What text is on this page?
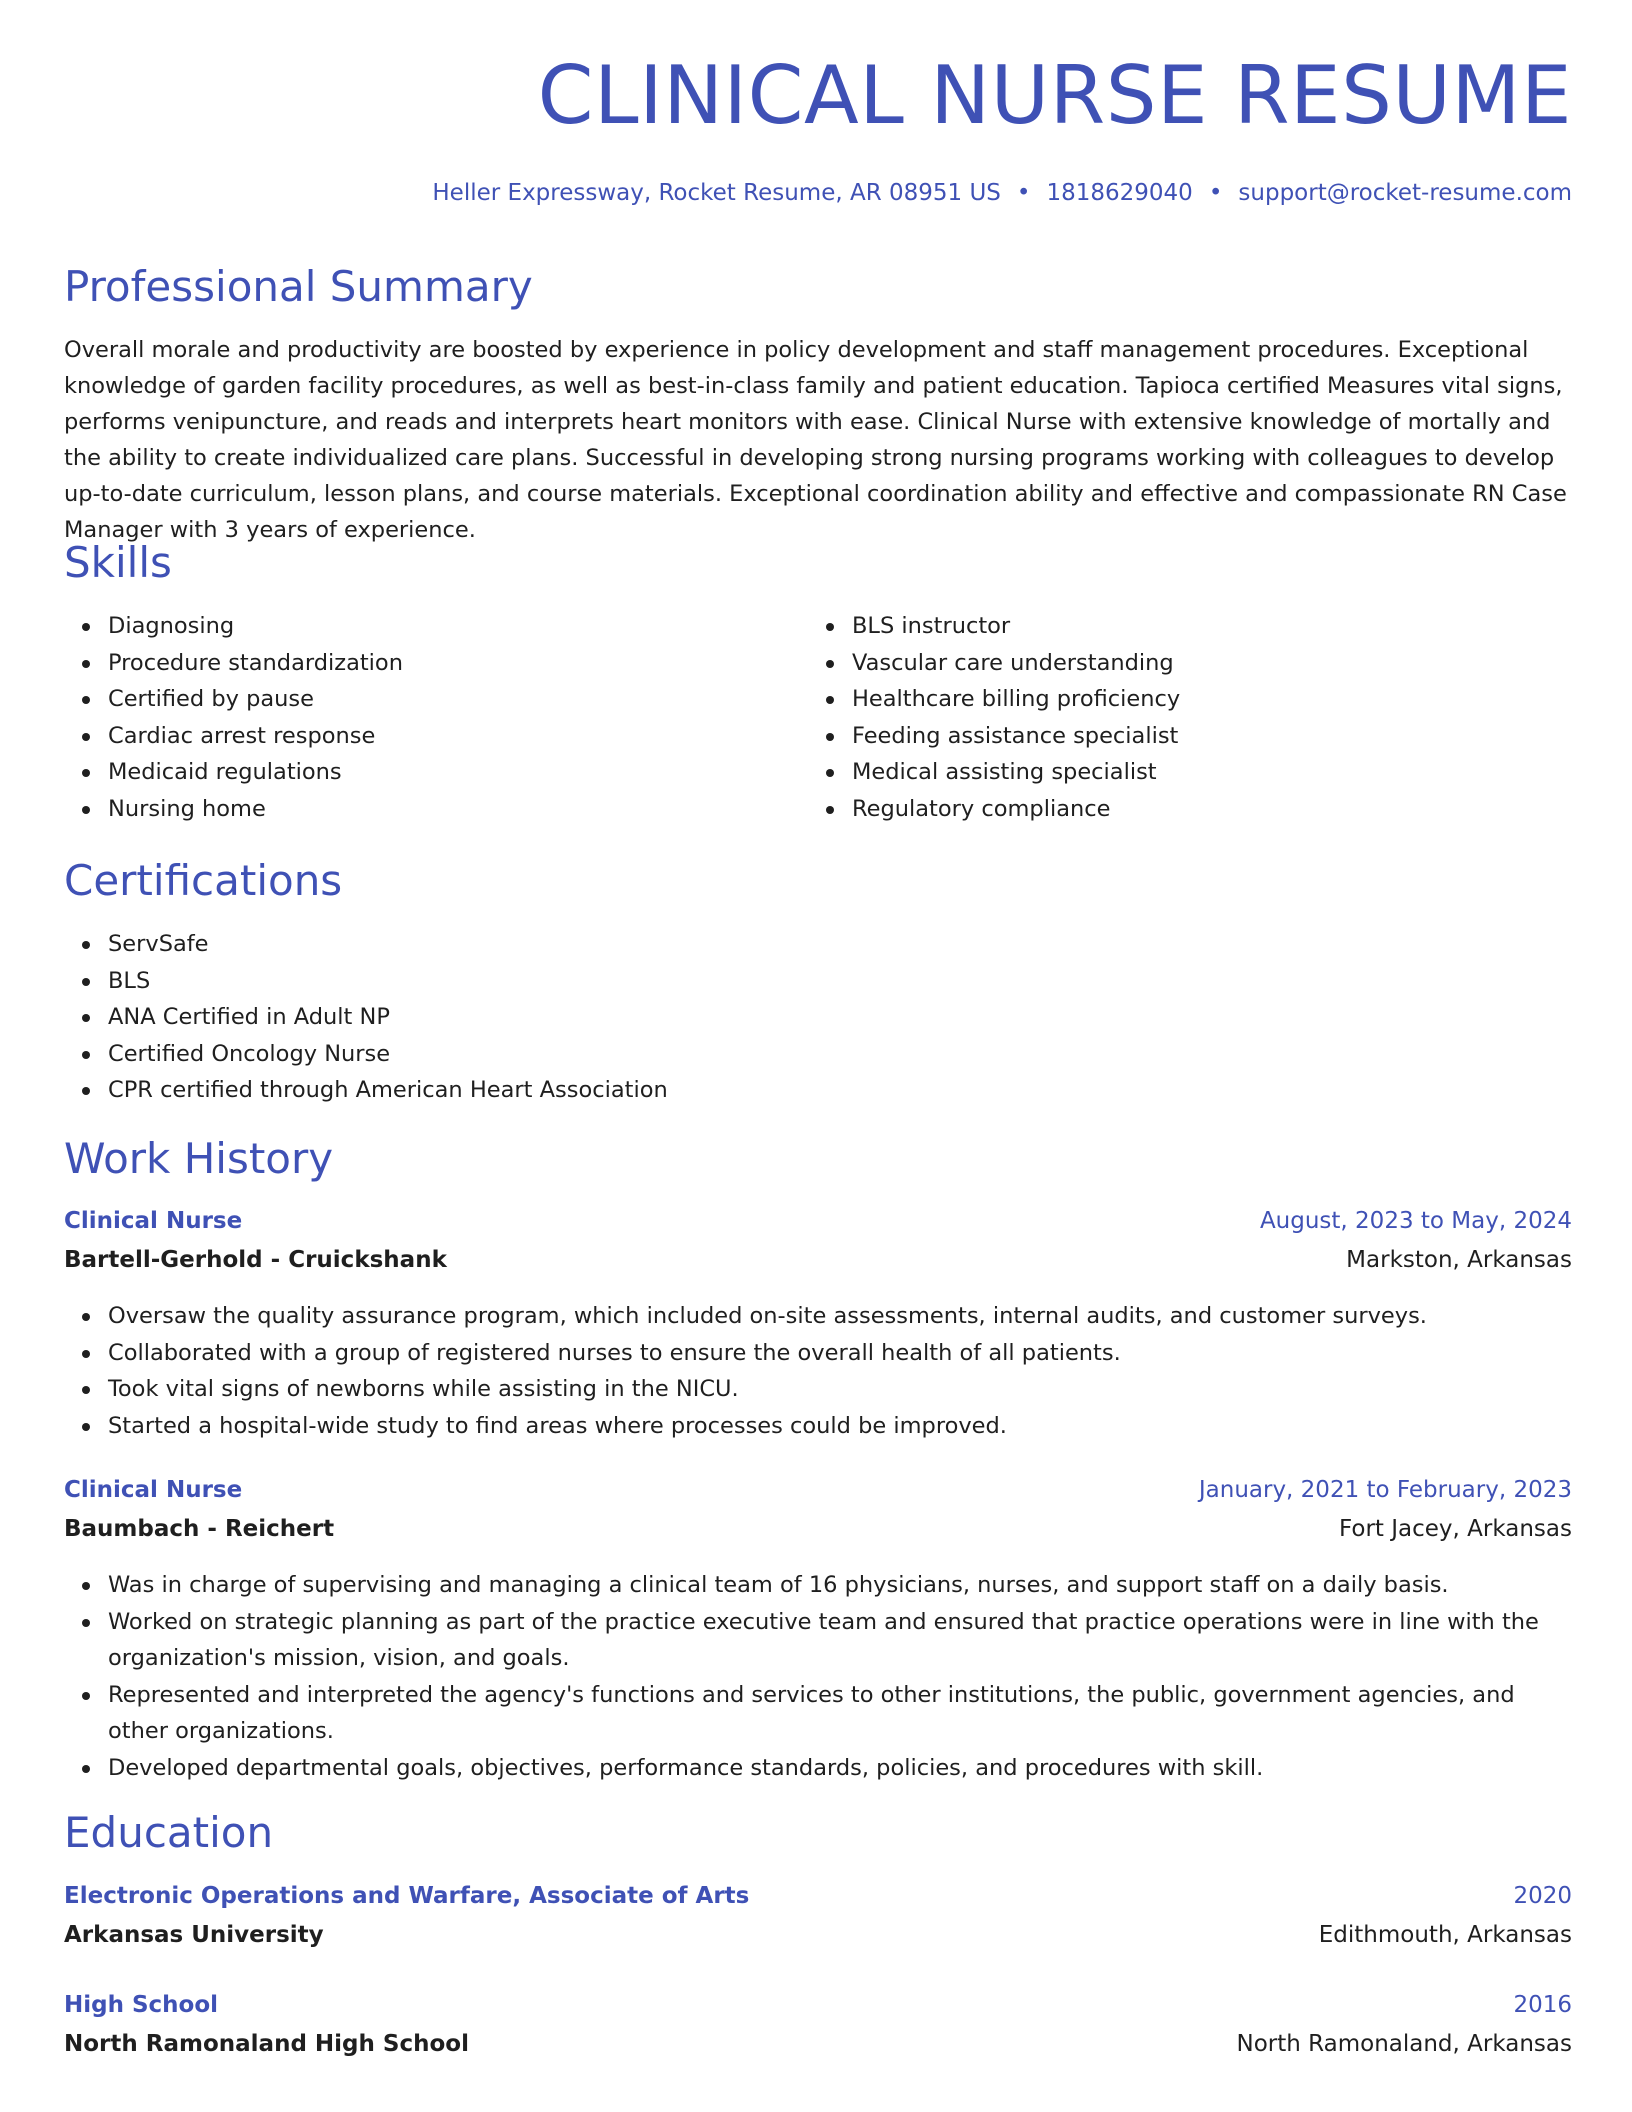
CLINICAL NURSE RESUME
Heller Expressway, Rocket Resume, AR 08951 US • 1818629040 • support@rocket-resume.com
Professional Summary

Overall morale and productivity are boosted by experience in policy development and staff management procedures. Exceptional knowledge of garden facility procedures, as well as best-in-class family and patient education. Tapioca certified Measures vital signs, performs venipuncture, and reads and interprets heart monitors with ease. Clinical Nurse with extensive knowledge of mortally and the ability to create individualized care plans. Successful in developing strong nursing programs working with colleagues to develop up-to-date curriculum, lesson plans, and course materials. Exceptional coordination ability and effective and compassionate RN Case Manager with 3 years of experience.

Skills
Diagnosing
Procedure standardization
Certified by pause
Cardiac arrest response
Medicaid regulations
Nursing home
BLS instructor
Vascular care understanding
Healthcare billing proficiency
Feeding assistance specialist
Medical assisting specialist
Regulatory compliance
Certifications
ServSafe
BLS
ANA Certified in Adult NP
Certified Oncology Nurse
CPR certified through American Heart Association
Work History
Clinical Nurse	August, 2023 to May, 2024
Bartell-Gerhold - Cruickshank	Markston, Arkansas
Oversaw the quality assurance program, which included on-site assessments, internal audits, and customer surveys.
Collaborated with a group of registered nurses to ensure the overall health of all patients.
Took vital signs of newborns while assisting in the NICU.
Started a hospital-wide study to find areas where processes could be improved.
Clinical Nurse	January, 2021 to February, 2023
Baumbach - Reichert	Fort Jacey, Arkansas
Was in charge of supervising and managing a clinical team of 16 physicians, nurses, and support staff on a daily basis.
Worked on strategic planning as part of the practice executive team and ensured that practice operations were in line with the organization's mission, vision, and goals.
Represented and interpreted the agency's functions and services to other institutions, the public, government agencies, and other organizations.
Developed departmental goals, objectives, performance standards, policies, and procedures with skill.
Education
Electronic Operations and Warfare, Associate of Arts	2020
Arkansas University	Edithmouth, Arkansas
High School	2016
North Ramonaland High School	North Ramonaland, Arkansas
